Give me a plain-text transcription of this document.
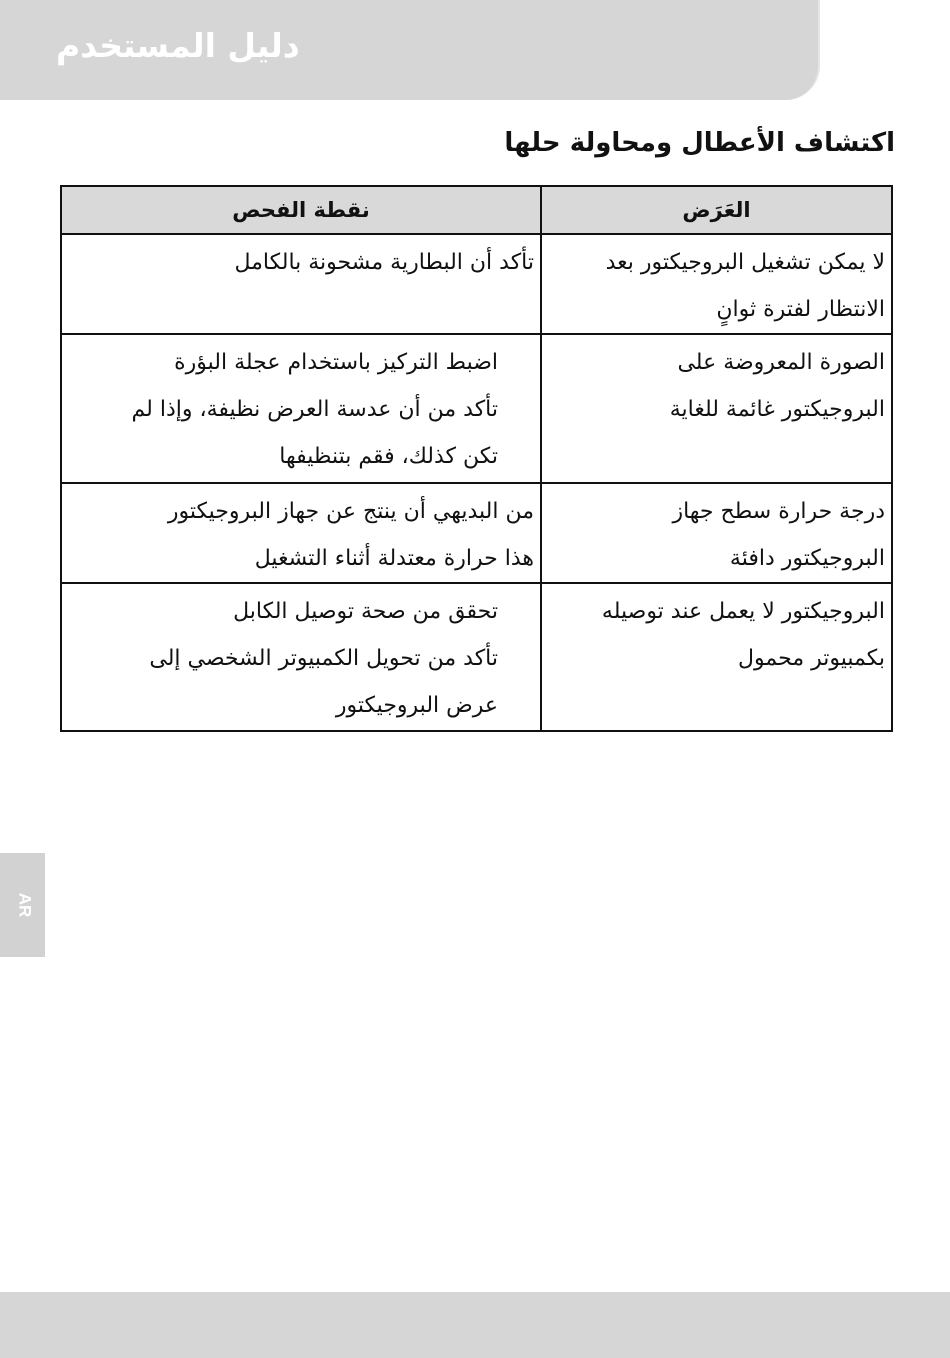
دليل المستخدم
اكتشاف الأعطال ومحاولة حلها
العَرَض	نقطة الفحص

لا يمكن تشغيل البروجيكتور بعد
الانتظار لفترة ثوانٍ	تأكد أن البطارية مشحونة بالكامل

الصورة المعروضة على
البروجيكتور غائمة للغاية	اضبط التركيز باستخدام عجلة البؤرة
تأكد من أن عدسة العرض نظيفة، وإذا لم
تكن كذلك، فقم بتنظيفها

درجة حرارة سطح جهاز
البروجيكتور دافئة	من البديهي أن ينتج عن جهاز البروجيكتور
هذا حرارة معتدلة أثناء التشغيل

البروجيكتور لا يعمل عند توصيله
بكمبيوتر محمول	تحقق من صحة توصيل الكابل
تأكد من تحويل الكمبيوتر الشخصي إلى
عرض البروجيكتور
AR
